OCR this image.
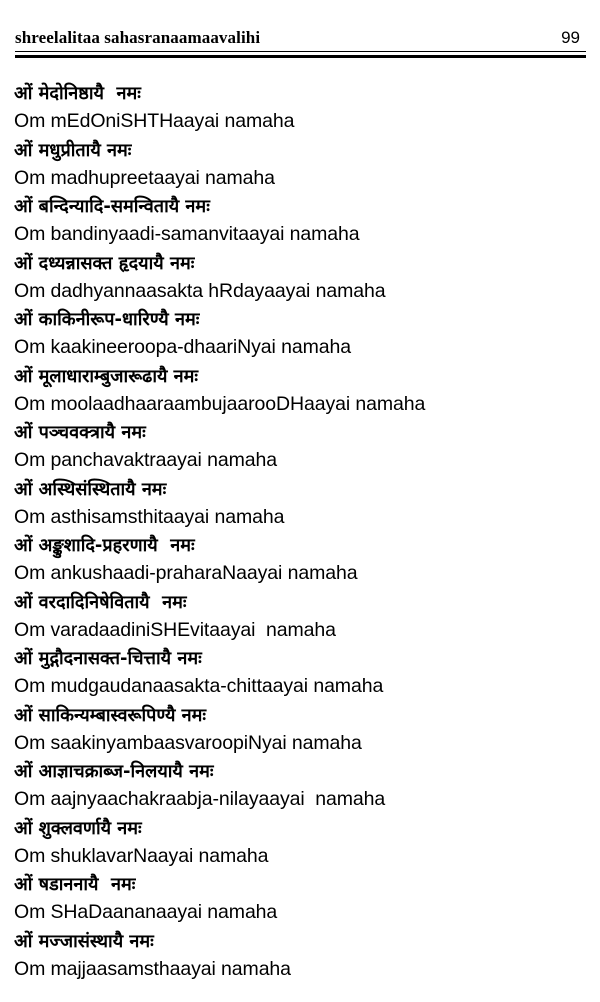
shreelalitaa sahasranaamaavalihi	99
ओं मेदोनिष्ठायै  नमः
Om mEdOniSHTHaayai namaha
ओं मधुप्रीतायै नमः
Om madhupreetaayai namaha
ओं बन्दिन्यादि-समन्वितायै नमः
Om bandinyaadi-samanvitaayai namaha
ओं दध्यन्नासक्त हृदयायै नमः
Om dadhyannaasakta hRdayaayai namaha
ओं काकिनीरूप-धारिण्यै नमः
Om kaakineeroopa-dhaariNyai namaha
ओं मूलाधाराम्बुजारूढायै नमः
Om moolaadhaaraambujaarooDHaayai namaha
ओं पञ्चवक्त्रायै नमः
Om panchavaktraayai namaha
ओं अस्थिसंस्थितायै नमः
Om asthisamsthitaayai namaha
ओं अङ्कुशादि-प्रहरणायै  नमः
Om ankushaadi-praharaNaayai namaha
ओं वरदादिनिषेवितायै  नमः
Om varadaadiniSHEvitaayai  namaha
ओं मुद्गौदनासक्त-चित्तायै नमः
Om mudgaudanaasakta-chittaayai namaha
ओं साकिन्यम्बास्वरूपिण्यै नमः
Om saakinyambaasvaroopiNyai namaha
ओं आज्ञाचक्राब्ज-निलयायै नमः
Om aajnyaachakraabja-nilayaayai  namaha
ओं शुक्लवर्णायै नमः
Om shuklavarNaayai namaha
ओं षडाननायै  नमः
Om SHaDaananaayai namaha
ओं मज्जासंस्थायै नमः
Om majjaasamsthaayai namaha
